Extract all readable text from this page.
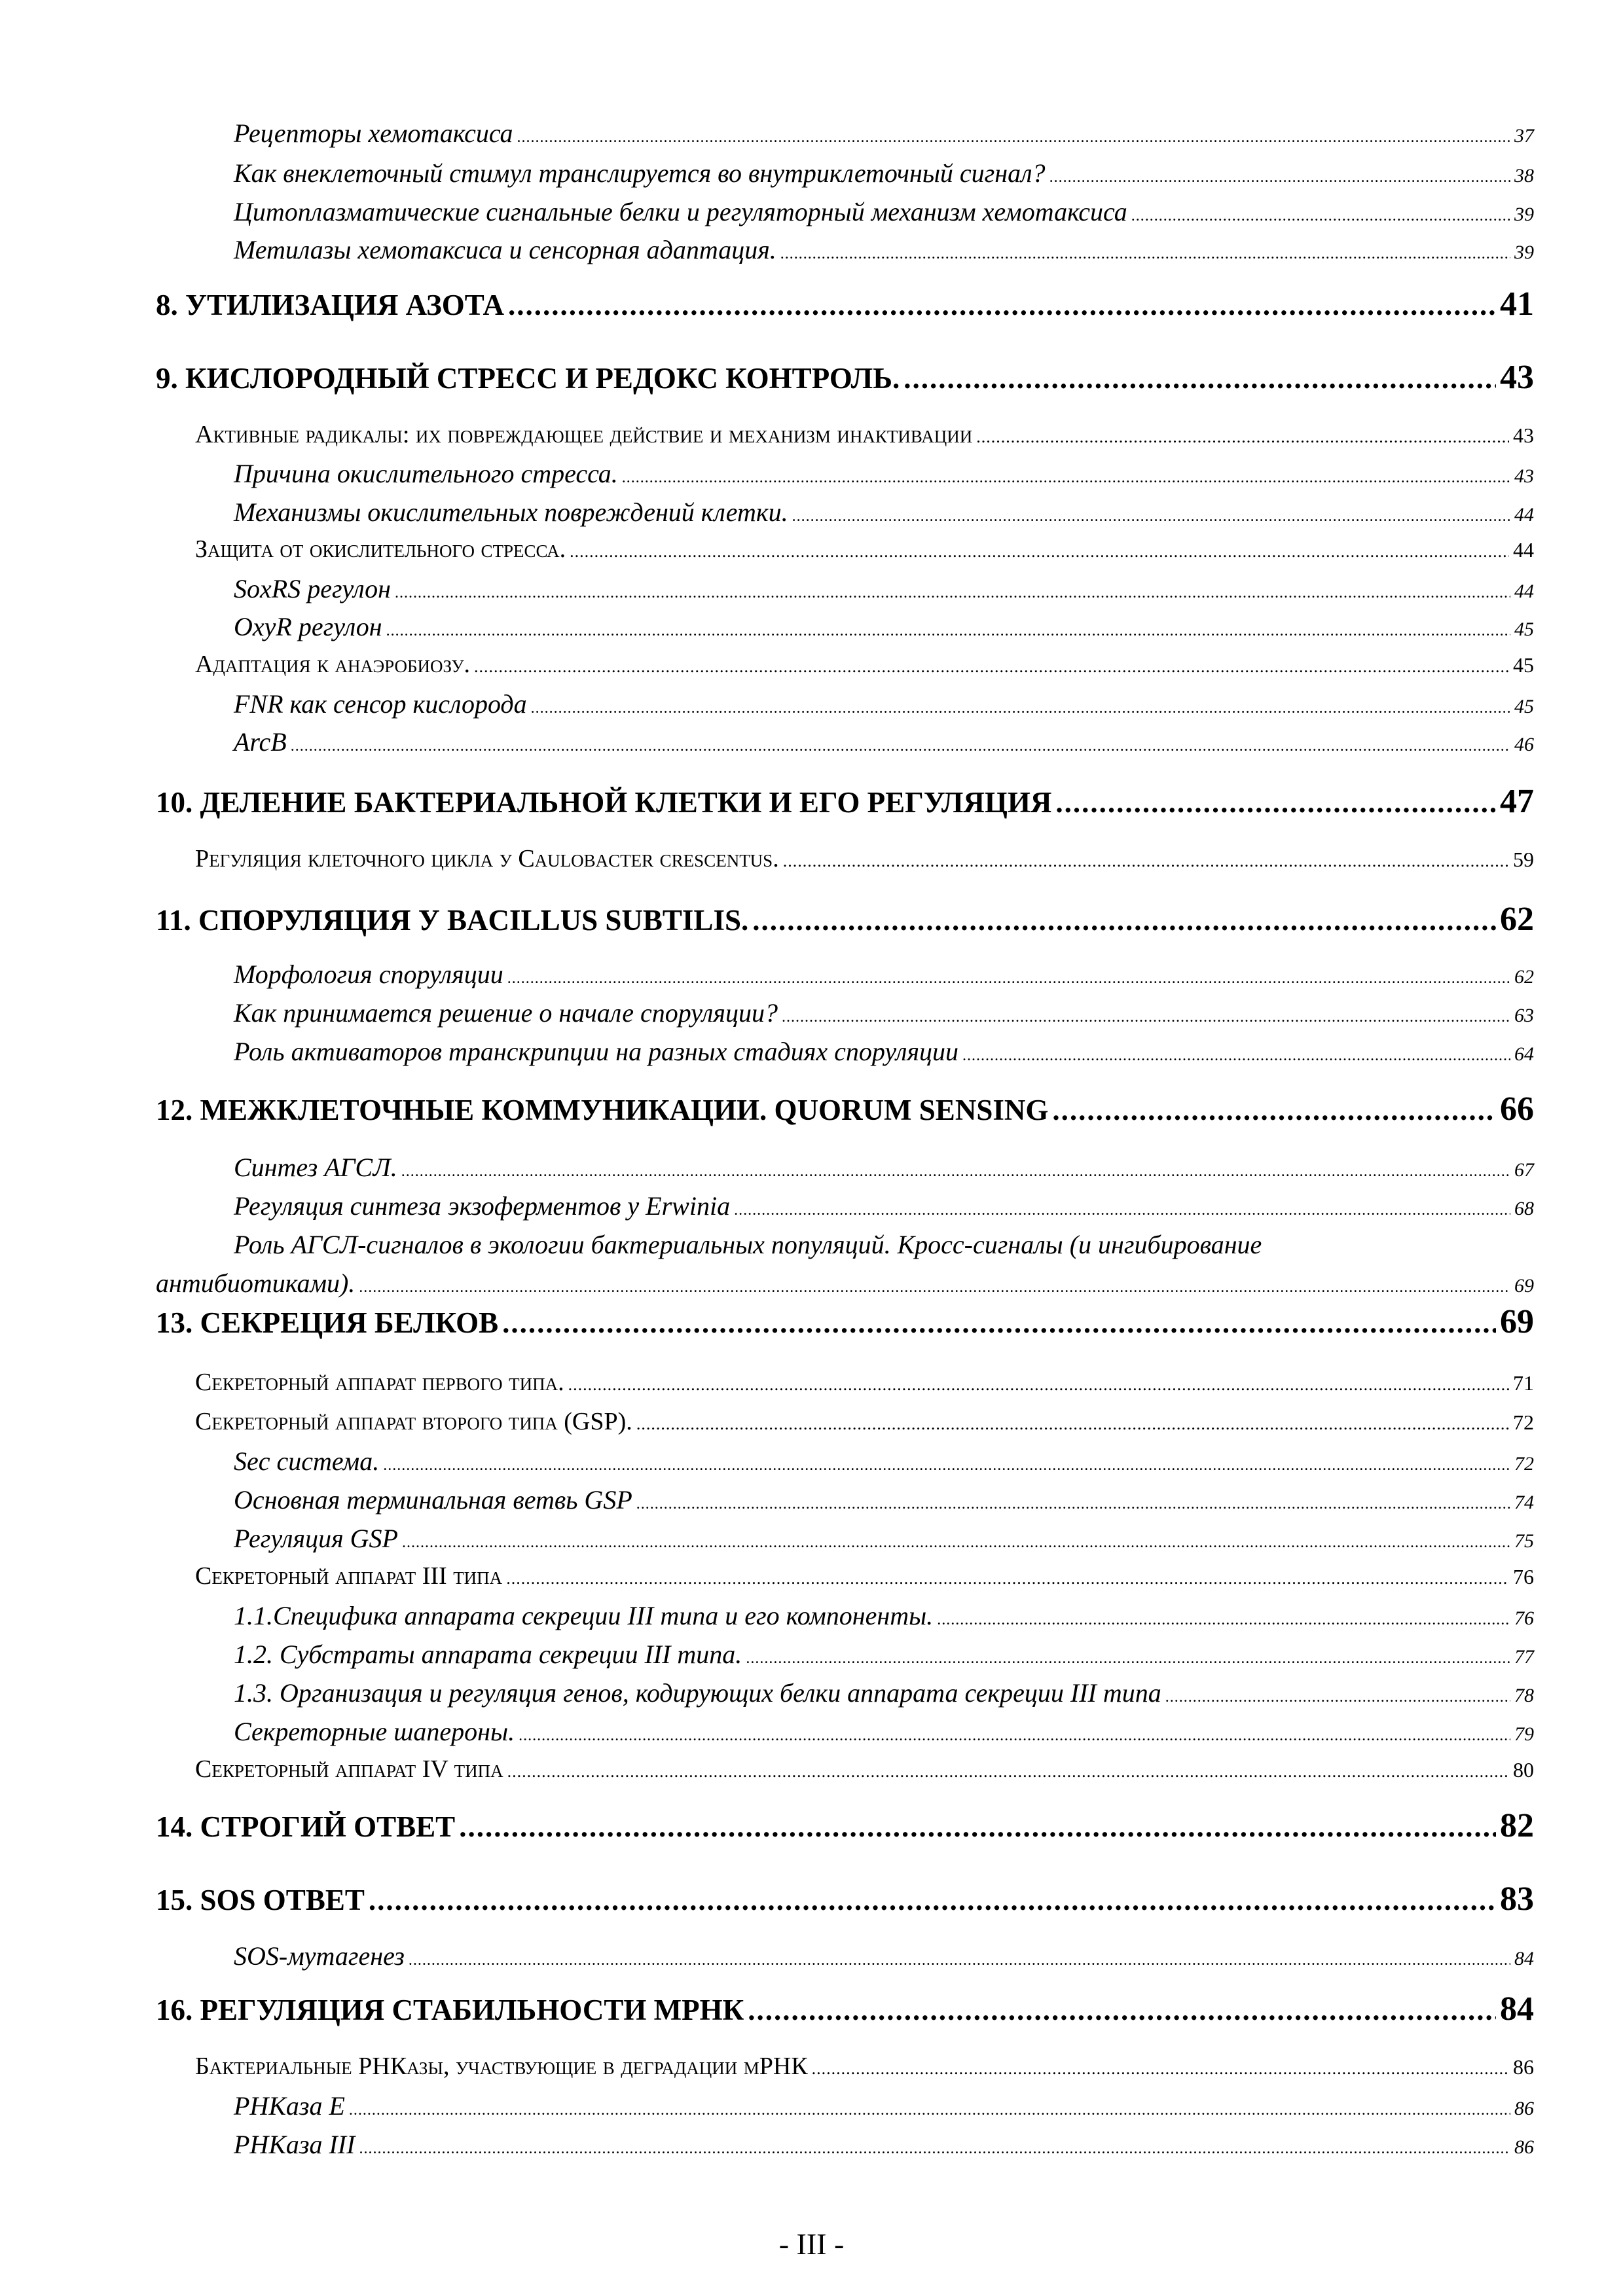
Рецепторы хемотаксиса .....	37
Как внеклеточный стимул транслируется во внутриклеточный сигнал? .....	38
Цитоплазматические сигнальные белки и регуляторный механизм хемотаксиса .....	39
Метилазы хемотаксиса и сенсорная адаптация. .....	39
8. УТИЛИЗАЦИЯ АЗОТА .....	41
9. КИСЛОРОДНЫЙ СТРЕСС И РЕДОКС КОНТРОЛЬ. .....	43
Активные радикалы: их повреждающее действие и механизм инактивации .....	43
Причина окислительного стресса. .....	43
Механизмы окислительных повреждений клетки. .....	44
Защита от окислительного стресса. .....	44
SoxRS регулон .....	44
OxyR регулон .....	45
Адаптация к анаэробиозу. .....	45
FNR как сенсор кислорода .....	45
ArcB .....	46
10. ДЕЛЕНИЕ БАКТЕРИАЛЬНОЙ КЛЕТКИ И ЕГО РЕГУЛЯЦИЯ .....	47
Регуляция клеточного цикла у Caulobacter crescentus. .....	59
11. СПОРУЛЯЦИЯ У BACILLUS SUBTILIS. .....	62
Морфология споруляции .....	62
Как принимается решение о начале споруляции? .....	63
Роль активаторов транскрипции на разных стадиях споруляции .....	64
12. МЕЖКЛЕТОЧНЫЕ КОММУНИКАЦИИ. QUORUM SENSING .....	66
Синтез АГСЛ. .....	67
Регуляция синтеза экзоферментов у Erwinia .....	68
Роль АГСЛ-сигналов в экологии бактериальных популяций. Кросс-сигналы (и ингибирование
антибиотиками). .....	69
13. СЕКРЕЦИЯ БЕЛКОВ .....	69
Секреторный аппарат первого типа. .....	71
Секреторный аппарат второго типа (GSP). .....	72
Sec система. .....	72
Основная терминальная ветвь GSP .....	74
Регуляция GSP .....	75
Секреторный аппарат III типа .....	76
1.1.Специфика аппарата секреции III типа и его компоненты. .....	76
1.2. Субстраты аппарата секреции III типа. .....	77
1.3. Организация и регуляция генов, кодирующих белки аппарата секреции III типа .....	78
Секреторные шапероны. .....	79
Секреторный аппарат IV типа .....	80
14. СТРОГИЙ ОТВЕТ .....	82
15. SOS ОТВЕТ .....	83
SOS-мутагенез .....	84
16. РЕГУЛЯЦИЯ СТАБИЛЬНОСТИ МРНК .....	84
Бактериальные РНКазы, участвующие в деградации мРНК .....	86
РНКаза E .....	86
РНКаза III .....	86
- III -
